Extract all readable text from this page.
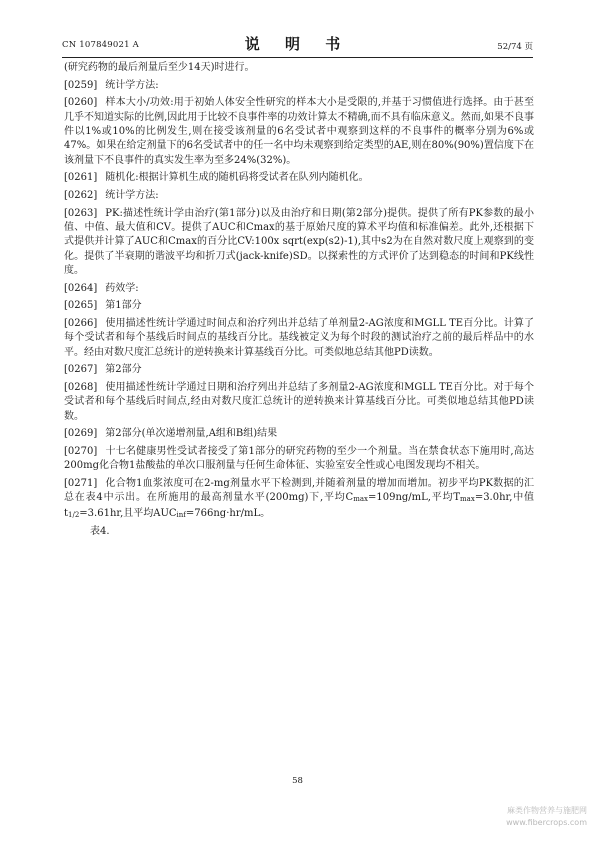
CN 107849021 A	说 明 书	52/74 页

(研究药物的最后剂量后至少14天)时进行。

[0259] 统计学方法:

[0260] 样本大小/功效:用于初始人体安全性研究的样本大小是受限的,并基于习惯值进行选择。由于甚至几乎不知道实际的比例,因此用于比较不良事件率的功效计算太不精确,而不具有临床意义。然而,如果不良事件以1%或10%的比例发生,则在接受该剂量的6名受试者中观察到这样的不良事件的概率分别为6%或47%。如果在给定剂量下的6名受试者中的任一名中均未观察到给定类型的AE,则在80%(90%)置信度下在该剂量下不良事件的真实发生率为至多24%(32%)。

[0261] 随机化:根据计算机生成的随机码将受试者在队列内随机化。

[0262] 统计学方法:

[0263] PK:描述性统计学由治疗(第1部分)以及由治疗和日期(第2部分)提供。提供了所有PK参数的最小值、中值、最大值和CV。提供了AUC和Cmax的基于原始尺度的算术平均值和标准偏差。此外,还根据下式提供并计算了AUC和Cmax的百分比CV:100x sqrt(exp(s2)-1),其中s2为在自然对数尺度上观察到的变化。提供了半衰期的谐波平均和折刀式(jack-knife)SD。以探索性的方式评价了达到稳态的时间和PK线性度。

[0264] 药效学:

[0265] 第1部分

[0266] 使用描述性统计学通过时间点和治疗列出并总结了单剂量2-AG浓度和MGLL TE百分比。计算了每个受试者和每个基线后时间点的基线百分比。基线被定义为每个时段的测试治疗之前的最后样品中的水平。经由对数尺度汇总统计的逆转换来计算基线百分比。可类似地总结其他PD读数。

[0267] 第2部分

[0268] 使用描述性统计学通过日期和治疗列出并总结了多剂量2-AG浓度和MGLL TE百分比。对于每个受试者和每个基线后时间点,经由对数尺度汇总统计的逆转换来计算基线百分比。可类似地总结其他PD读数。

[0269] 第2部分(单次递增剂量,A组和B组)结果

[0270] 十七名健康男性受试者接受了第1部分的研究药物的至少一个剂量。当在禁食状态下施用时,高达200mg化合物1盐酸盐的单次口服剂量与任何生命体征、实验室安全性或心电图发现均不相关。

[0271] 化合物1血浆浓度可在2-mg剂量水平下检测到,并随着剂量的增加而增加。初步平均PK数据的汇总在表4中示出。在所施用的最高剂量水平(200mg)下,平均$C_{max}=109ng/mL$,平均$T_{max}=3.0hr$,中值$t_{1/2}=3.61hr$,且平均$AUC_{inf}=766ng\cdot hr/mL$。

表4.

58
麻类作物营养与施肥网
www.fibercrops.com
